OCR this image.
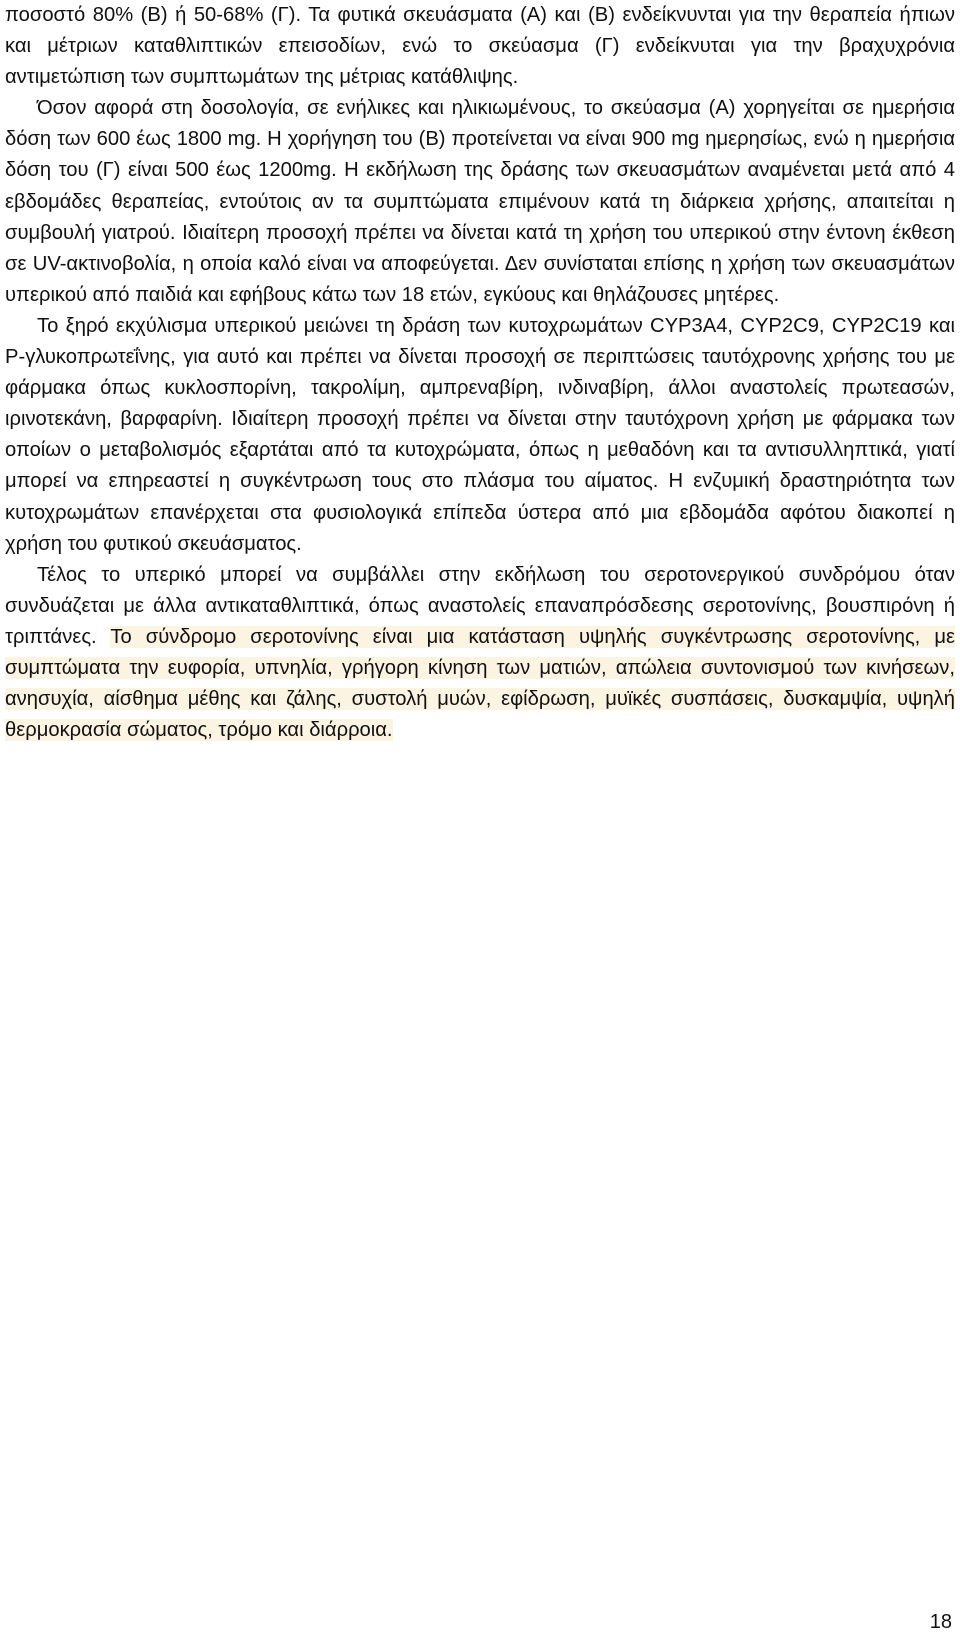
ποσοστό 80% (Β) ή 50-68% (Γ). Τα φυτικά σκευάσματα (Α) και (Β) ενδείκνυνται για την θεραπεία ήπιων και μέτριων καταθλιπτικών επεισοδίων, ενώ το σκεύασμα (Γ) ενδείκνυται για την βραχυχρόνια αντιμετώπιση των συμπτωμάτων της μέτριας κατάθλιψης.

Όσον αφορά στη δοσολογία, σε ενήλικες και ηλικιωμένους, το σκεύασμα (Α) χορηγείται σε ημερήσια δόση των 600 έως 1800 mg. Η χορήγηση του (Β) προτείνεται να είναι 900 mg ημερησίως, ενώ η ημερήσια δόση του (Γ) είναι 500 έως 1200mg. Η εκδήλωση της δράσης των σκευασμάτων αναμένεται μετά από 4 εβδομάδες θεραπείας, εντούτοις αν τα συμπτώματα επιμένουν κατά τη διάρκεια χρήσης, απαιτείται η συμβουλή γιατρού. Ιδιαίτερη προσοχή πρέπει να δίνεται κατά τη χρήση του υπερικού στην έντονη έκθεση σε UV-ακτινοβολία, η οποία καλό είναι να αποφεύγεται. Δεν συνίσταται επίσης η χρήση των σκευασμάτων υπερικού από παιδιά και εφήβους κάτω των 18 ετών, εγκύους και θηλάζουσες μητέρες.

Το ξηρό εκχύλισμα υπερικού μειώνει τη δράση των κυτοχρωμάτων CYP3A4, CYP2C9, CYP2C19 και P-γλυκοπρωτεΐνης, για αυτό και πρέπει να δίνεται προσοχή σε περιπτώσεις ταυτόχρονης χρήσης του με φάρμακα όπως κυκλοσπορίνη, τακρολίμη, αμπρεναβίρη, ινδιναβίρη, άλλοι αναστολείς πρωτεασών, ιρινοτεκάνη, βαρφαρίνη. Ιδιαίτερη προσοχή πρέπει να δίνεται στην ταυτόχρονη χρήση με φάρμακα των οποίων ο μεταβολισμός εξαρτάται από τα κυτοχρώματα, όπως η μεθαδόνη και τα αντισυλληπτικά, γιατί μπορεί να επηρεαστεί η συγκέντρωση τους στο πλάσμα του αίματος. Η ενζυμική δραστηριότητα των κυτοχρωμάτων επανέρχεται στα φυσιολογικά επίπεδα ύστερα από μια εβδομάδα αφότου διακοπεί η χρήση του φυτικού σκευάσματος.

Τέλος το υπερικό μπορεί να συμβάλλει στην εκδήλωση του σεροτονεργικού συνδρόμου όταν συνδυάζεται με άλλα αντικαταθλιπτικά, όπως αναστολείς επαναπρόσδεσης σεροτονίνης, βουσπιρόνη ή τριπτάνες. Το σύνδρομο σεροτονίνης είναι μια κατάσταση υψηλής συγκέντρωσης σεροτονίνης, με συμπτώματα την ευφορία, υπνηλία, γρήγορη κίνηση των ματιών, απώλεια συντονισμού των κινήσεων, ανησυχία, αίσθημα μέθης και ζάλης, συστολή μυών, εφίδρωση, μυϊκές συσπάσεις, δυσκαμψία, υψηλή θερμοκρασία σώματος, τρόμο και διάρροια.

18
